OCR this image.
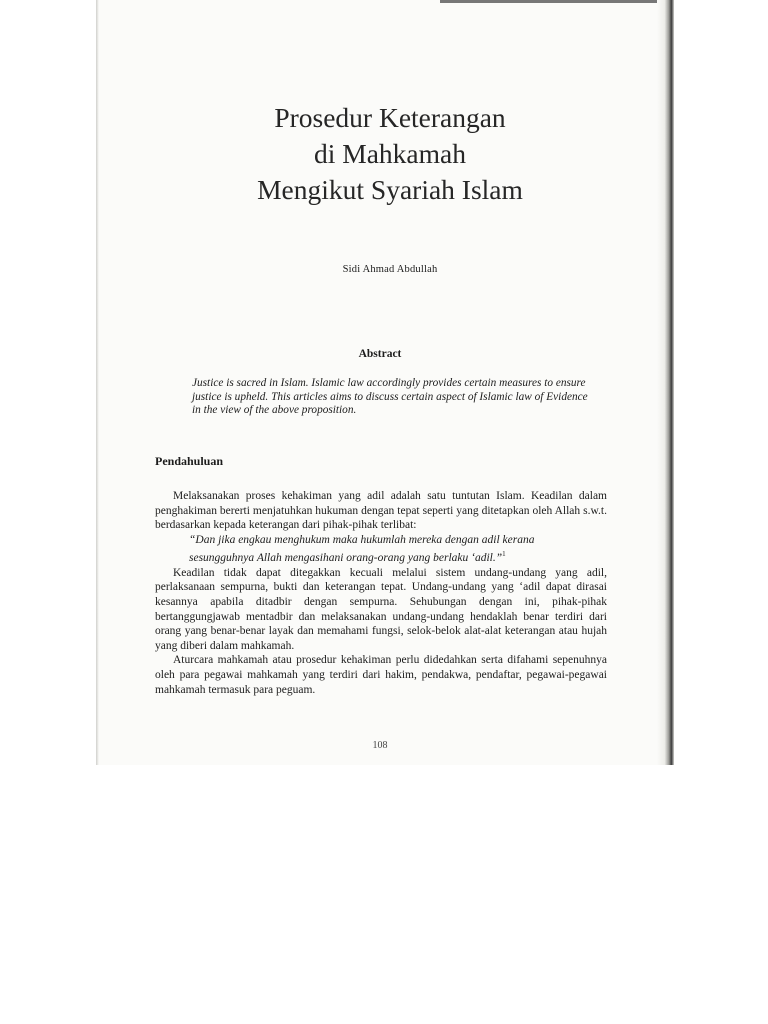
Prosedur Keterangan
di Mahkamah
Mengikut Syariah Islam
Sidi Ahmad Abdullah
Abstract

Justice is sacred in Islam. Islamic law accordingly provides certain measures to ensure justice is upheld. This articles aims to discuss certain aspect of Islamic law of Evidence in the view of the above proposition.

Pendahuluan

Melaksanakan proses kehakiman yang adil adalah satu tuntutan Islam. Keadilan dalam penghakiman bererti menjatuhkan hukuman dengan tepat seperti yang ditetapkan oleh Allah s.w.t. berdasarkan kepada keterangan dari pihak-pihak terlibat:

“Dan jika engkau menghukum maka hukumlah mereka dengan adil kerana sesungguhnya Allah mengasihani orang-orang yang berlaku ‘adil.”$^1$

Keadilan tidak dapat ditegakkan kecuali melalui sistem undang-undang yang adil, perlaksanaan sempurna, bukti dan keterangan tepat. Undang-undang yang ‘adil dapat dirasai kesannya apabila ditadbir dengan sempurna. Sehubungan dengan ini, pihak-pihak bertanggungjawab mentadbir dan melaksanakan undang-undang hendaklah benar terdiri dari orang yang benar-benar layak dan memahami fungsi, selok-belok alat-alat keterangan atau hujah yang diberi dalam mahkamah.

Aturcara mahkamah atau prosedur kehakiman perlu didedahkan serta difahami sepenuhnya oleh para pegawai mahkamah yang terdiri dari hakim, pendakwa, pendaftar, pegawai-pegawai mahkamah termasuk para peguam.

108
